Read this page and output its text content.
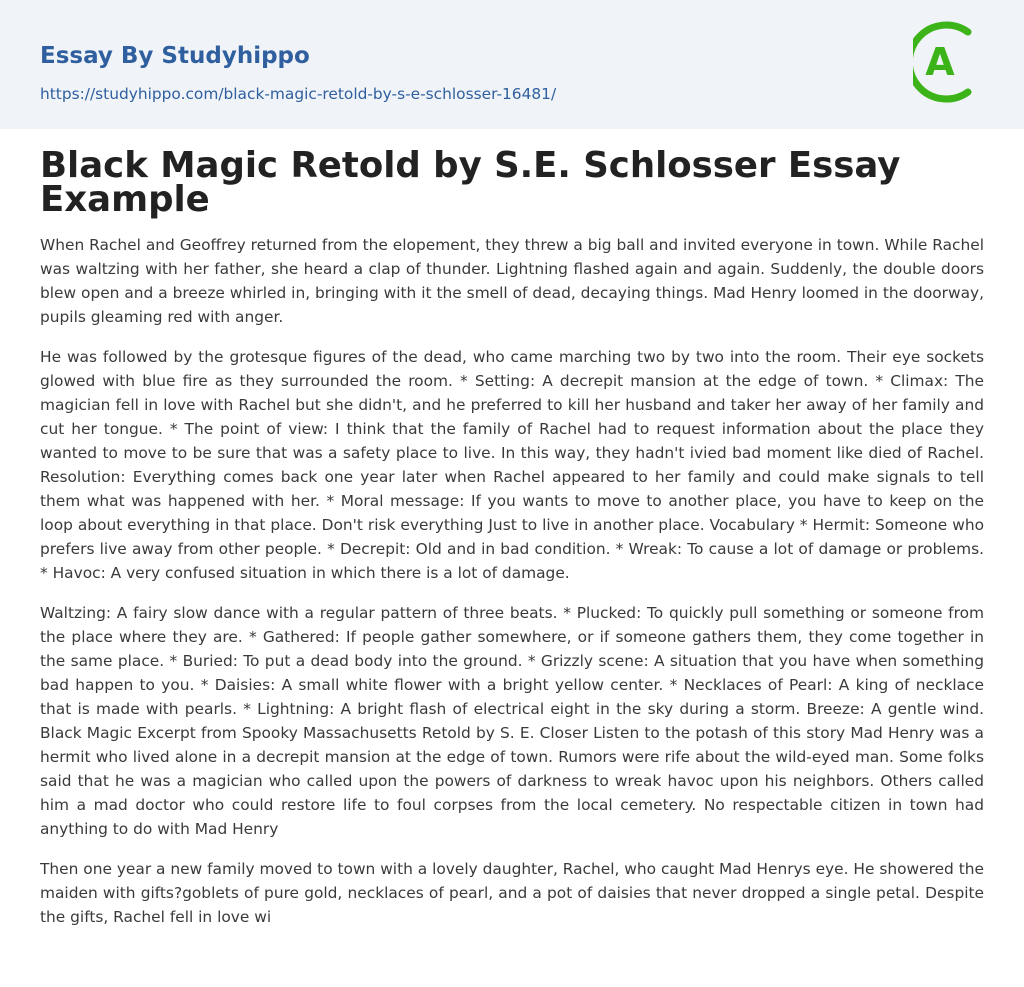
Essay By Studyhippo
https://studyhippo.com/black-magic-retold-by-s-e-schlosser-16481/
A
Black Magic Retold by S.E. Schlosser Essay Example

When Rachel and Geoffrey returned from the elopement, they threw a big ball and invited everyone in town. While Rachel was waltzing with her father, she heard a clap of thunder. Lightning flashed again and again. Suddenly, the double doors blew open and a breeze whirled in, bringing with it the smell of dead, decaying things. Mad Henry loomed in the doorway, pupils gleaming red with anger.

He was followed by the grotesque figures of the dead, who came marching two by two into the room. Their eye sockets glowed with blue fire as they surrounded the room. * Setting: A decrepit mansion at the edge of town. * Climax: The magician fell in love with Rachel but she didn't, and he preferred to kill her husband and taker her away of her family and cut her tongue. * The point of view: I think that the family of Rachel had to request information about the place they wanted to move to be sure that was a safety place to live. In this way, they hadn't ivied bad moment like died of Rachel. Resolution: Everything comes back one year later when Rachel appeared to her family and could make signals to tell them what was happened with her. * Moral message: If you wants to move to another place, you have to keep on the loop about everything in that place. Don't risk everything Just to live in another place. Vocabulary * Hermit: Someone who prefers live away from other people. * Decrepit: Old and in bad condition. * Wreak: To cause a lot of damage or problems. * Havoc: A very confused situation in which there is a lot of damage.

Waltzing: A fairy slow dance with a regular pattern of three beats. * Plucked: To quickly pull something or someone from the place where they are. * Gathered: If people gather somewhere, or if someone gathers them, they come together in the same place. * Buried: To put a dead body into the ground. * Grizzly scene: A situation that you have when something bad happen to you. * Daisies: A small white flower with a bright yellow center. * Necklaces of Pearl: A king of necklace that is made with pearls. * Lightning: A bright flash of electrical eight in the sky during a storm. Breeze: A gentle wind. Black Magic Excerpt from Spooky Massachusetts Retold by S. E. Closer Listen to the potash of this story Mad Henry was a hermit who lived alone in a decrepit mansion at the edge of town. Rumors were rife about the wild-eyed man. Some folks said that he was a magician who called upon the powers of darkness to wreak havoc upon his neighbors. Others called him a mad doctor who could restore life to foul corpses from the local cemetery. No respectable citizen in town had anything to do with Mad Henry

Then one year a new family moved to town with a lovely daughter, Rachel, who caught Mad Henrys eye. He showered the maiden with gifts?goblets of pure gold, necklaces of pearl, and a pot of daisies that never dropped a single petal. Despite the gifts, Rachel fell in love wi
